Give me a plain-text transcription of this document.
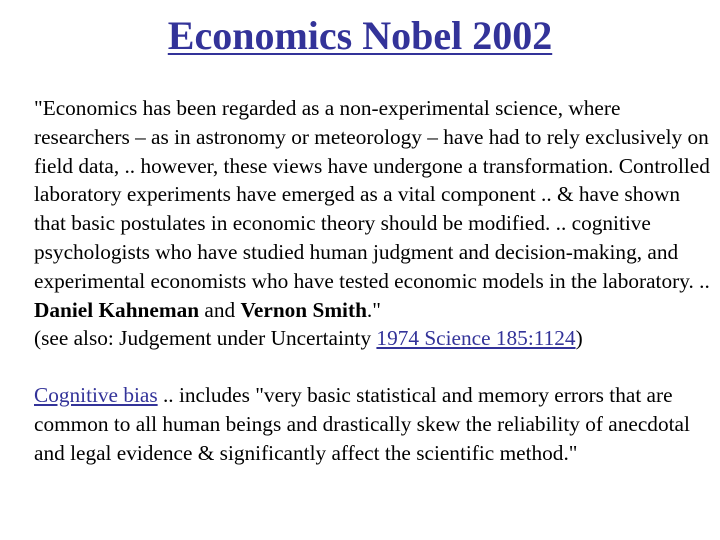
Economics Nobel 2002

"Economics has been regarded as a non-experimental science, where researchers – as in astronomy or meteorology – have had to rely exclusively on field data, .. however, these views have undergone a transformation. Controlled laboratory experiments have emerged as a vital component .. & have shown that basic postulates in economic theory should be modified. .. cognitive psychologists who have studied human judgment and decision-making, and experimental economists who have tested economic models in the laboratory. .. Daniel Kahneman and Vernon Smith."
(see also: Judgement under Uncertainty 1974 Science 185:1124)

Cognitive bias .. includes "very basic statistical and memory errors that are common to all human beings and drastically skew the reliability of anecdotal and legal evidence & significantly affect the scientific method."
